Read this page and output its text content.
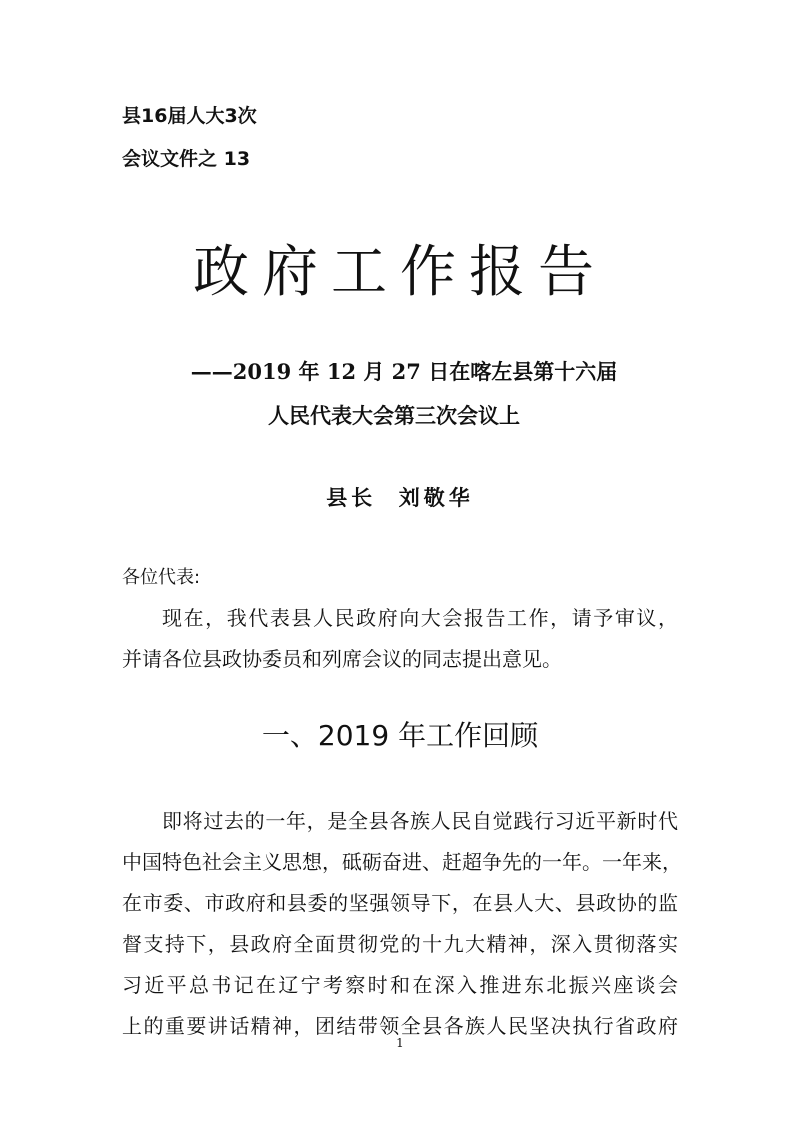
县16届人大3次
会议文件之 13
政府工作报告
——2019 年 12 月 27 日在喀左县第十六届
人民代表大会第三次会议上
县长  刘敬华
各位代表:
现在，我代表县人民政府向大会报告工作，请予审议，
并请各位县政协委员和列席会议的同志提出意见。
一、2019 年工作回顾
即将过去的一年，是全县各族人民自觉践行习近平新时代
中国特色社会主义思想，砥砺奋进、赶超争先的一年。一年来，
在市委、市政府和县委的坚强领导下，在县人大、县政协的监
督支持下，县政府全面贯彻党的十九大精神，深入贯彻落实
习近平总书记在辽宁考察时和在深入推进东北振兴座谈会
上的重要讲话精神，团结带领全县各族人民坚决执行省政府
1
